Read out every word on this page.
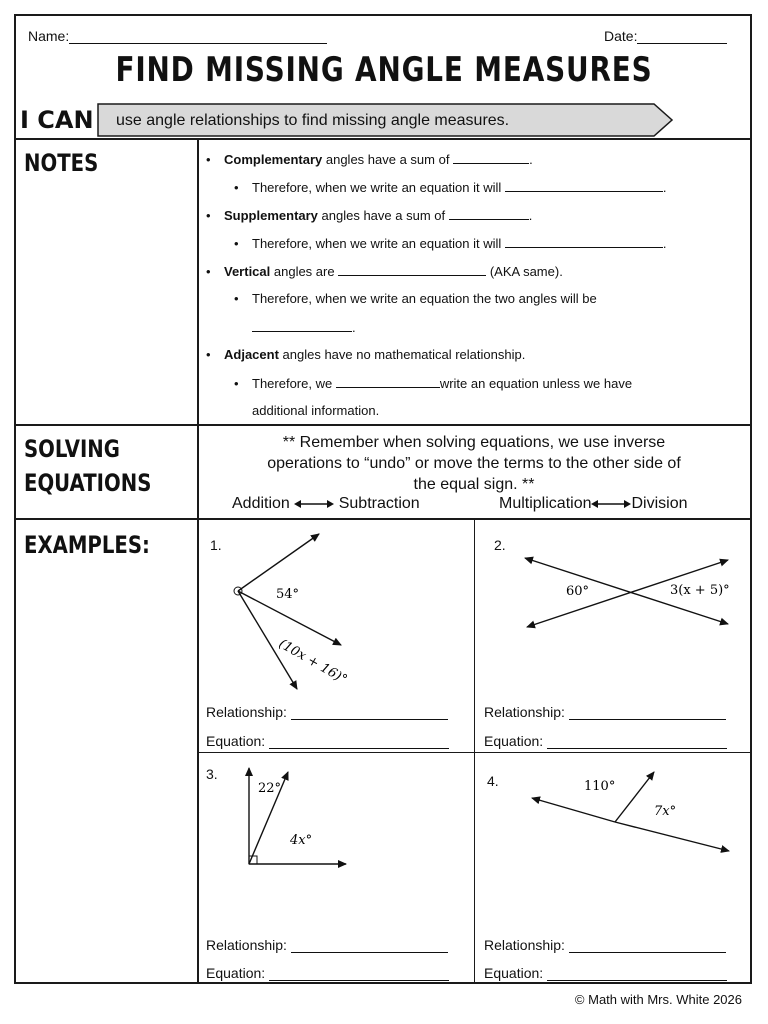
Name:	Date:
FIND MISSING ANGLE MEASURES
I CAN use angle relationships to find missing angle measures.
NOTES
SOLVING
EQUATIONS
EXAMPLES:
• Complementary angles have a sum of	.
• Therefore, when we write an equation it will	.
• Supplementary angles have a sum of	.
• Therefore, when we write an equation it will	.
• Vertical angles are	(AKA same).
• Therefore, when we write an equation the two angles will be
.
• Adjacent angles have no mathematical relationship.
• Therefore, we	write an equation unless we have
additional information.
** Remember when solving equations, we use inverse
operations to “undo” or move the terms to the other side of
the equal sign. **
Addition	Subtraction	Multiplication	Division
1.	2.
3.	4.
54°
(10x + 16)°
60°	3(x + 5)°
22°
4x°
110°
7x°
Relationship:
Equation:
Relationship:
Equation:
Relationship:
Equation:
Relationship:
Equation:
© Math with Mrs. White 2026
